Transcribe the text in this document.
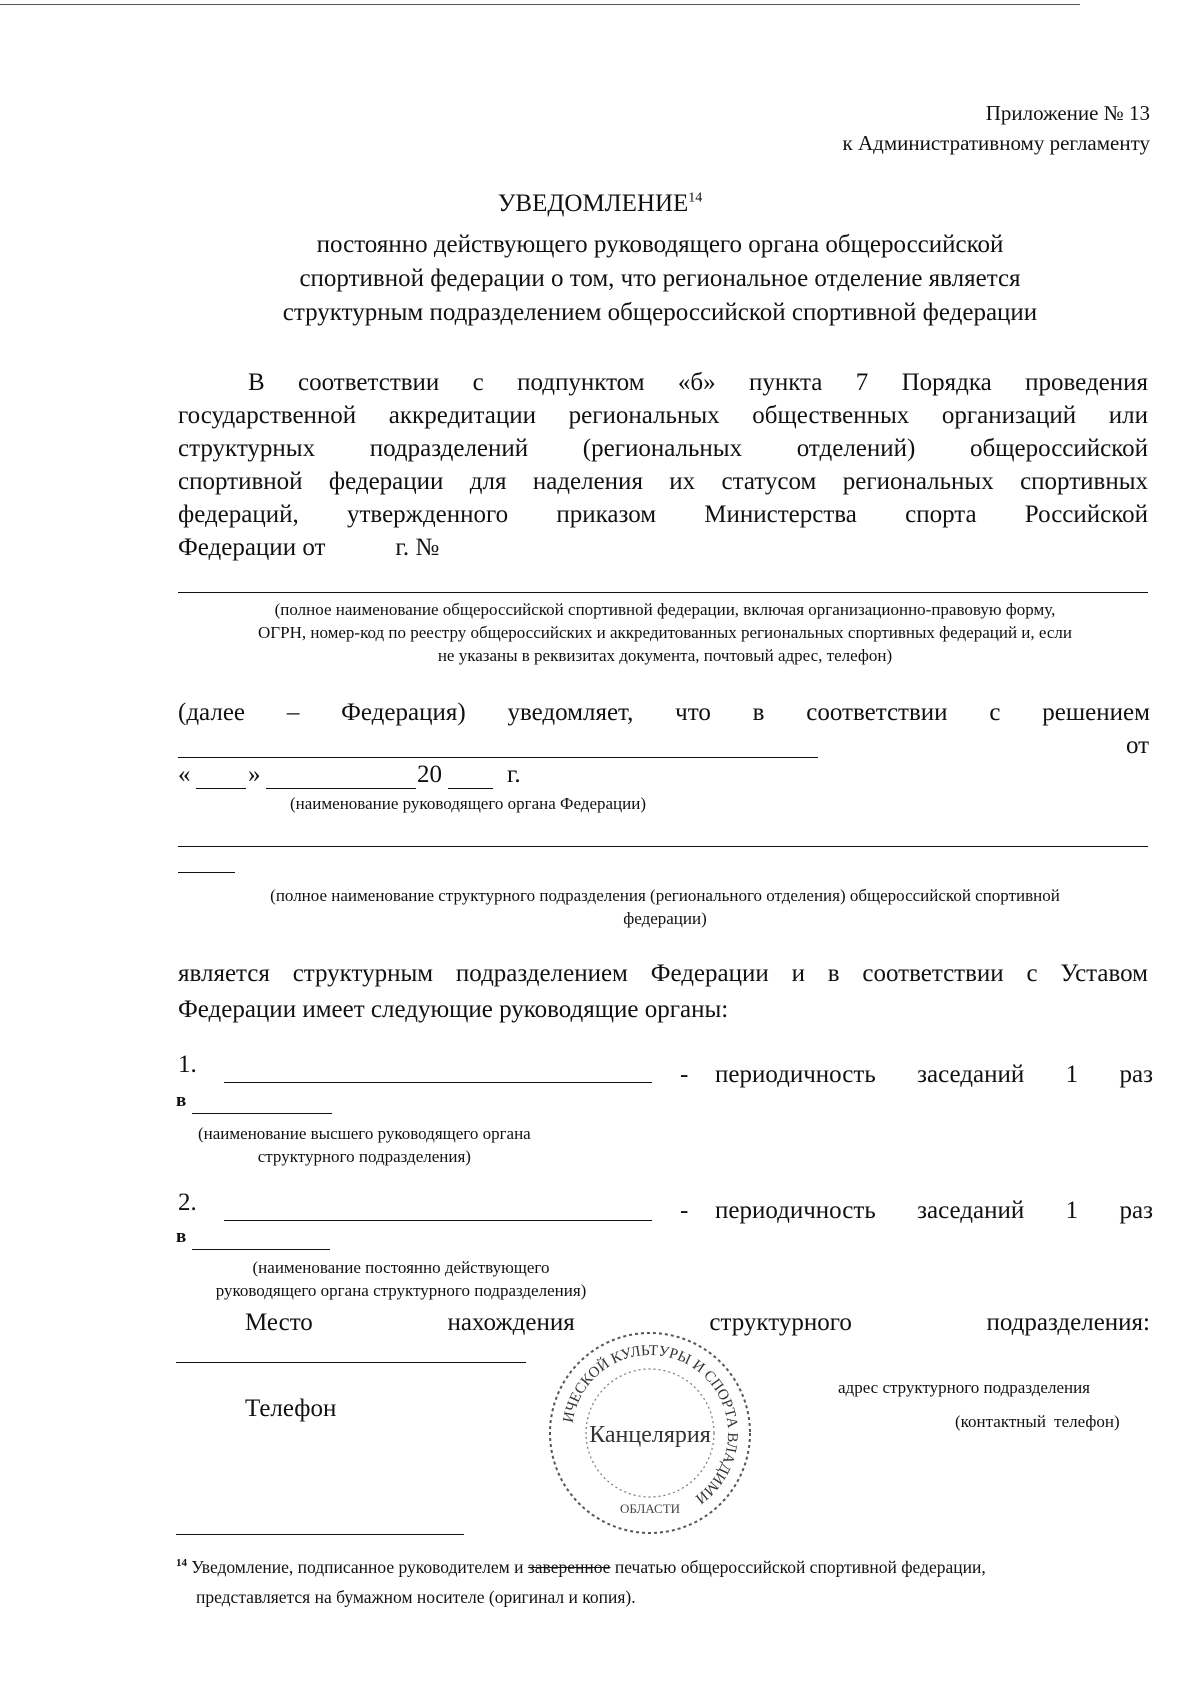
Приложение № 13
к Административному регламенту
УВЕДОМЛЕНИЕ$^{14}$
постоянно действующего руководящего органа общероссийской
спортивной федерации о том, что региональное отделение является
структурным подразделением общероссийской спортивной федерации
В соответствии с подпунктом «б» пункта 7 Порядка проведения
государственной аккредитации региональных общественных организаций или
структурных подразделений (региональных отделений) общероссийской
спортивной федерации для наделения их статусом региональных спортивных
федераций, утвержденного приказом Министерства спорта Российской
Федерации от	г. №
(полное наименование общероссийской спортивной федерации, включая организационно-правовую форму,
ОГРН, номер-код по реестру общероссийских и аккредитованных региональных спортивных федераций и, если
не указаны в реквизитах документа, почтовый адрес, телефон)
(далее – Федерация) уведомляет, что в соответствии с решением
от
« »	20	г.
(наименование руководящего органа Федерации)
(полное наименование структурного подразделения (регионального отделения) общероссийской спортивной
федерации)
является структурным подразделением Федерации и в соответствии с Уставом
Федерации имеет следующие руководящие органы:
1.	- периодичность заседаний 1 раз
в
(наименование высшего руководящего органа
структурного подразделения)
2.	- периодичность заседаний 1 раз
в
(наименование постоянно действующего
руководящего органа структурного подразделения)
Место	нахождения	структурного	подразделения:
адрес структурного подразделения
Телефон	(контактный телефон)
ИЧЕСКОЙ КУЛЬТУРЫ И СПОРТА ВЛАДИМИ
Канцелярия
ОБЛАСТИ
$^{14}$ Уведомление, подписанное руководителем и заверенное печатью общероссийской спортивной федерации,
представляется на бумажном носителе (оригинал и копия).
